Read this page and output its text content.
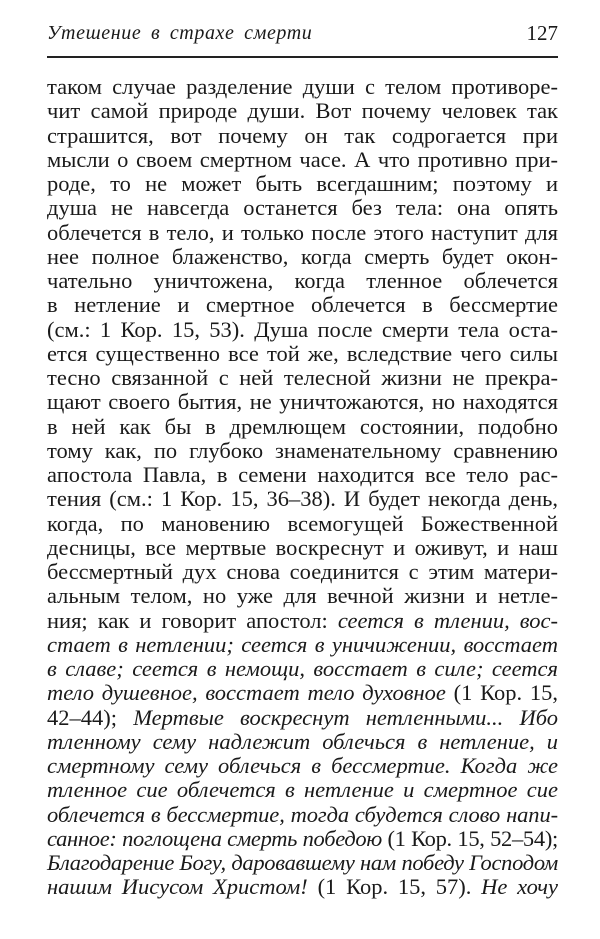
Утешение в страхе смерти	127
таком случае разделение души с телом противоре-
чит самой природе души. Вот почему человек так
страшится, вот почему он так содрогается при
мысли о своем смертном часе. А что противно при-
роде, то не может быть всегдашним; поэтому и
душа не навсегда останется без тела: она опять
облечется в тело, и только после этого наступит для
нее полное блаженство, когда смерть будет окон-
чательно уничтожена, когда тленное облечется
в нетление и смертное облечется в бессмертие
(см.: 1 Кор. 15, 53). Душа после смерти тела оста-
ется существенно все той же, вследствие чего силы
тесно связанной с ней телесной жизни не прекра-
щают своего бытия, не уничтожаются, но находятся
в ней как бы в дремлющем состоянии, подобно
тому как, по глубоко знаменательному сравнению
апостола Павла, в семени находится все тело рас-
тения (см.: 1 Кор. 15, 36–38). И будет некогда день,
когда, по мановению всемогущей Божественной
десницы, все мертвые воскреснут и оживут, и наш
бессмертный дух снова соединится с этим матери-
альным телом, но уже для вечной жизни и нетле-
ния; как и говорит апостол: сеется в тлении, вос-
стает в нетлении; сеется в уничижении, восстает
в славе; сеется в немощи, восстает в силе; сеется
тело душевное, восстает тело духовное (1 Кор. 15,
42–44); Мертвые воскреснут нетленными... Ибо
тленному сему надлежит облечься в нетление, и
смертному сему облечься в бессмертие. Когда же
тленное сие облечется в нетление и смертное сие
облечется в бессмертие, тогда сбудется слово напи-
санное: поглощена смерть победою (1 Кор. 15, 52–54);
Благодарение Богу, даровавшему нам победу Господом
нашим Иисусом Христом! (1 Кор. 15, 57). Не хочу
